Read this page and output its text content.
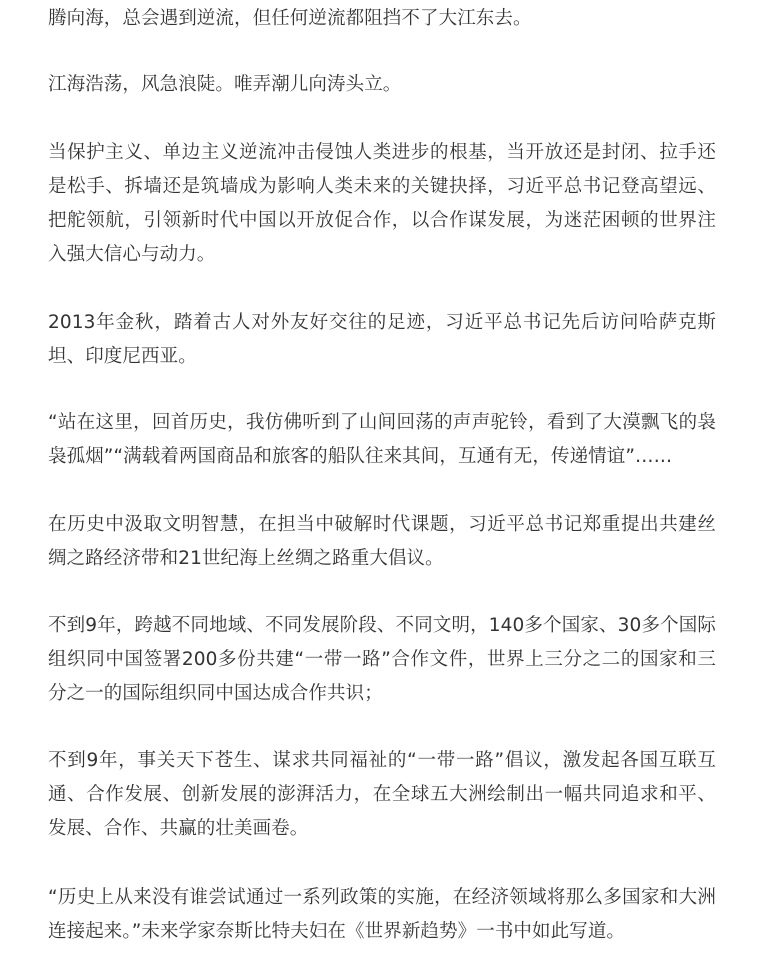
腾向海，总会遇到逆流，但任何逆流都阻挡不了大江东去。

江海浩荡，风急浪陡。唯弄潮儿向涛头立。

当保护主义、单边主义逆流冲击侵蚀人类进步的根基，当开放还是封闭、拉手还是松手、拆墙还是筑墙成为影响人类未来的关键抉择，习近平总书记登高望远、把舵领航，引领新时代中国以开放促合作，以合作谋发展，为迷茫困顿的世界注入强大信心与动力。

2013年金秋，踏着古人对外友好交往的足迹，习近平总书记先后访问哈萨克斯坦、印度尼西亚。

“站在这里，回首历史，我仿佛听到了山间回荡的声声驼铃，看到了大漠飘飞的袅袅孤烟”“满载着两国商品和旅客的船队往来其间，互通有无，传递情谊”……

在历史中汲取文明智慧，在担当中破解时代课题，习近平总书记郑重提出共建丝绸之路经济带和21世纪海上丝绸之路重大倡议。

不到9年，跨越不同地域、不同发展阶段、不同文明，140多个国家、30多个国际组织同中国签署200多份共建“一带一路”合作文件，世界上三分之二的国家和三分之一的国际组织同中国达成合作共识；

不到9年，事关天下苍生、谋求共同福祉的“一带一路”倡议，激发起各国互联互通、合作发展、创新发展的澎湃活力，在全球五大洲绘制出一幅共同追求和平、发展、合作、共赢的壮美画卷。

“历史上从来没有谁尝试通过一系列政策的实施，在经济领域将那么多国家和大洲连接起来。”未来学家奈斯比特夫妇在《世界新趋势》一书中如此写道。
